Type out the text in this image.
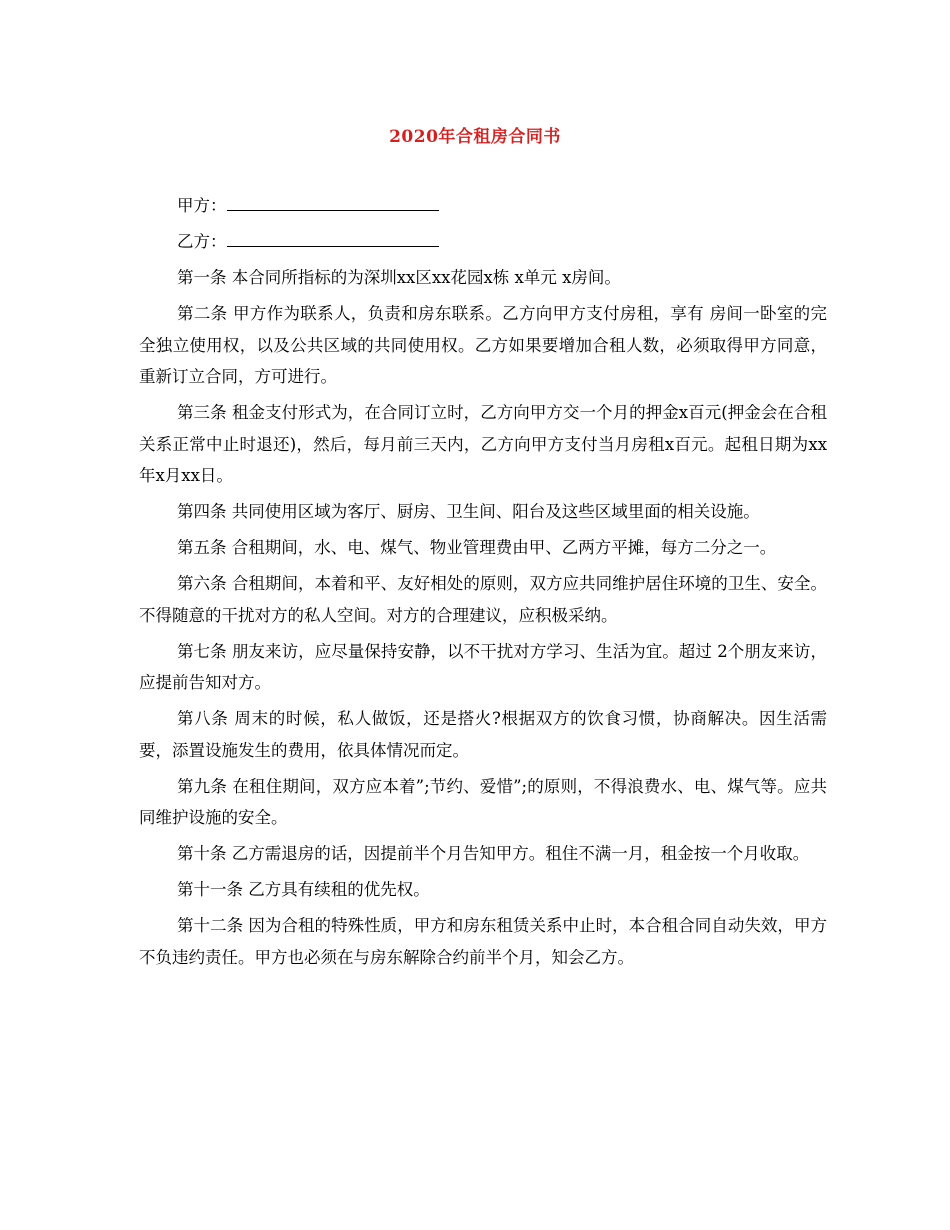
2020年合租房合同书

甲方：

乙方：

第一条 本合同所指标的为深圳xx区xx花园x栋 x单元 x房间。

第二条 甲方作为联系人，负责和房东联系。乙方向甲方支付房租，享有 房间一卧室的完全独立使用权，以及公共区域的共同使用权。乙方如果要增加合租人数，必须取得甲方同意，重新订立合同，方可进行。

第三条 租金支付形式为，在合同订立时，乙方向甲方交一个月的押金x百元(押金会在合租关系正常中止时退还)，然后，每月前三天内，乙方向甲方支付当月房租x百元。起租日期为xx年x月xx日。

第四条 共同使用区域为客厅、厨房、卫生间、阳台及这些区域里面的相关设施。

第五条 合租期间，水、电、煤气、物业管理费由甲、乙两方平摊，每方二分之一。

第六条 合租期间，本着和平、友好相处的原则，双方应共同维护居住环境的卫生、安全。不得随意的干扰对方的私人空间。对方的合理建议，应积极采纳。

第七条 朋友来访，应尽量保持安静，以不干扰对方学习、生活为宜。超过 2个朋友来访，应提前告知对方。

第八条 周末的时候，私人做饭，还是搭火?根据双方的饮食习惯，协商解决。因生活需要，添置设施发生的费用，依具体情况而定。

第九条 在租住期间，双方应本着”;节约、爱惜”;的原则，不得浪费水、电、煤气等。应共同维护设施的安全。

第十条 乙方需退房的话，因提前半个月告知甲方。租住不满一月，租金按一个月收取。

第十一条 乙方具有续租的优先权。

第十二条 因为合租的特殊性质，甲方和房东租赁关系中止时，本合租合同自动失效，甲方不负违约责任。甲方也必须在与房东解除合约前半个月，知会乙方。
